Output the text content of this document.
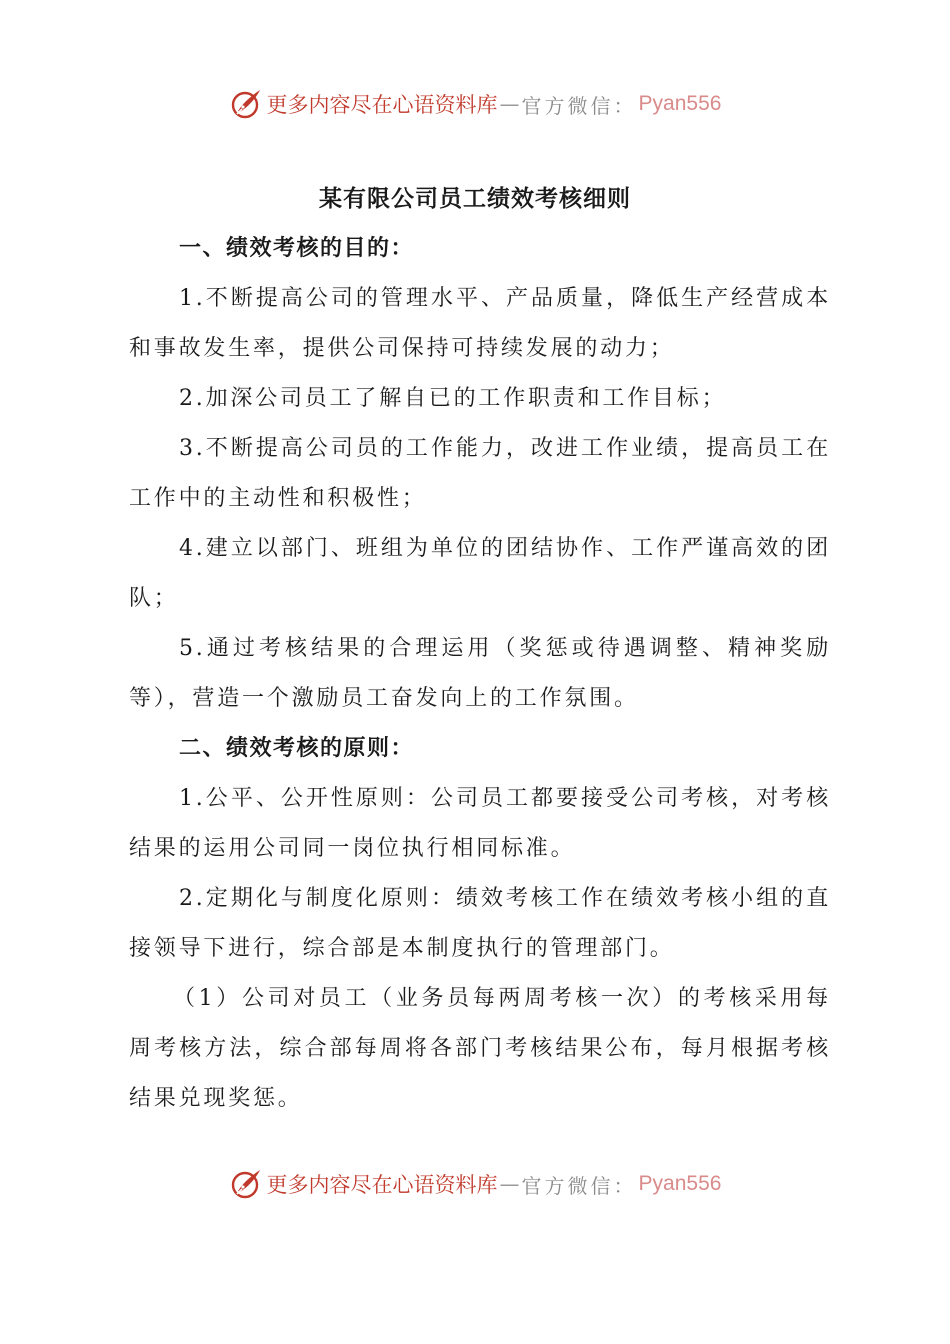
更多内容尽在心语资料库 — 官方微信： Pyan556
某有限公司员工绩效考核细则
一、绩效考核的目的：

1.不断提高公司的管理水平、产品质量，降低生产经营成本和事故发生率，提供公司保持可持续发展的动力；

2.加深公司员工了解自已的工作职责和工作目标；

3.不断提高公司员的工作能力，改进工作业绩，提高员工在工作中的主动性和积极性；

4.建立以部门、班组为单位的团结协作、工作严谨高效的团队；

5.通过考核结果的合理运用（奖惩或待遇调整、精神奖励等），营造一个激励员工奋发向上的工作氛围。

二、绩效考核的原则：

1.公平、公开性原则：公司员工都要接受公司考核，对考核结果的运用公司同一岗位执行相同标准。

2.定期化与制度化原则：绩效考核工作在绩效考核小组的直接领导下进行，综合部是本制度执行的管理部门。

（1）公司对员工（业务员每两周考核一次）的考核采用每周考核方法，综合部每周将各部门考核结果公布，每月根据考核结果兑现奖惩。

更多内容尽在心语资料库 — 官方微信： Pyan556
